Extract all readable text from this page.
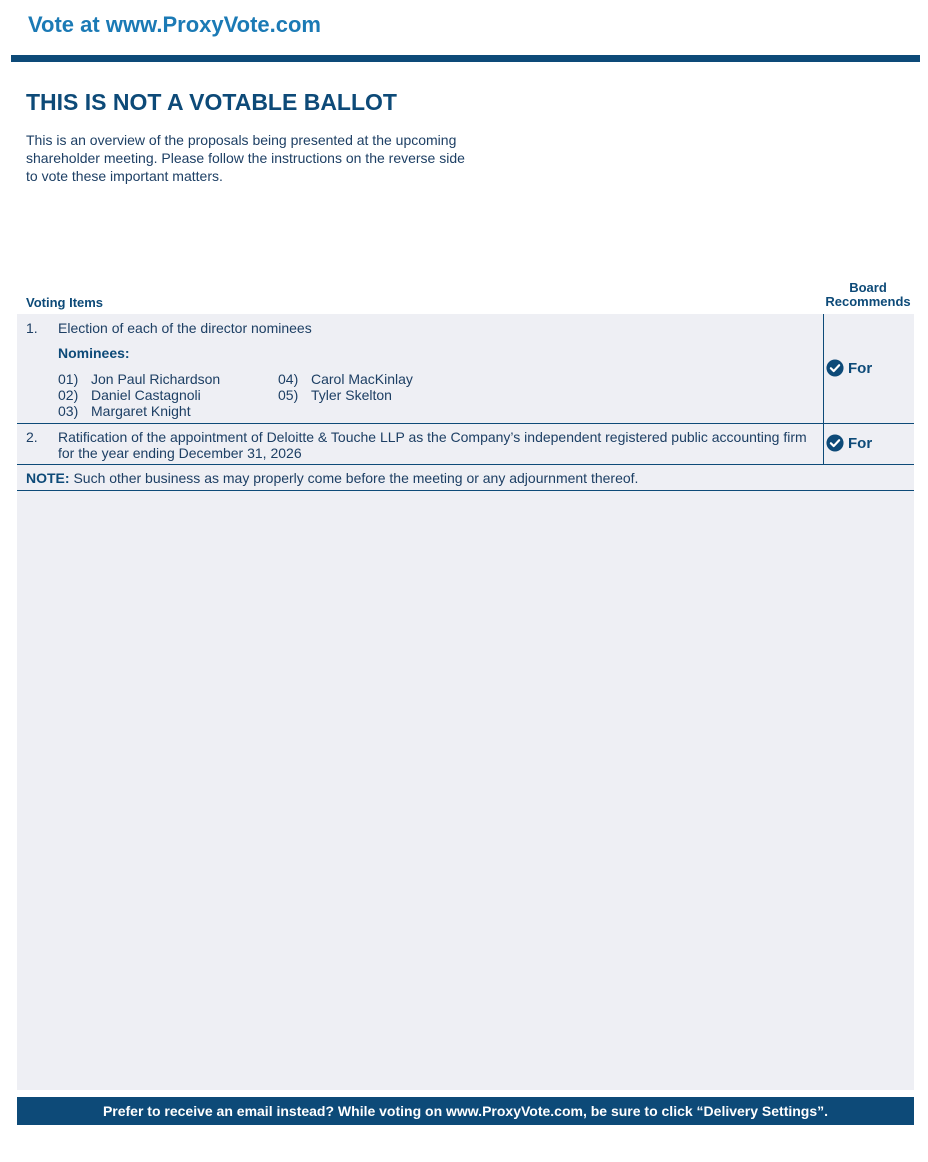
Vote at www.ProxyVote.com
THIS IS NOT A VOTABLE BALLOT

This is an overview of the proposals being presented at the upcoming shareholder meeting. Please follow the instructions on the reverse side to vote these important matters.

Voting Items
Board Recommends
1. Election of each of the director nominees
Nominees:
01) Jon Paul Richardson
02) Daniel Castagnoli
03) Margaret Knight
04) Carol MacKinlay
05) Tyler Skelton
For
2. Ratification of the appointment of Deloitte & Touche LLP as the Company’s independent registered public accounting firm for the year ending December 31, 2026
For
NOTE: Such other business as may properly come before the meeting or any adjournment thereof.
Prefer to receive an email instead? While voting on www.ProxyVote.com, be sure to click “Delivery Settings”.
